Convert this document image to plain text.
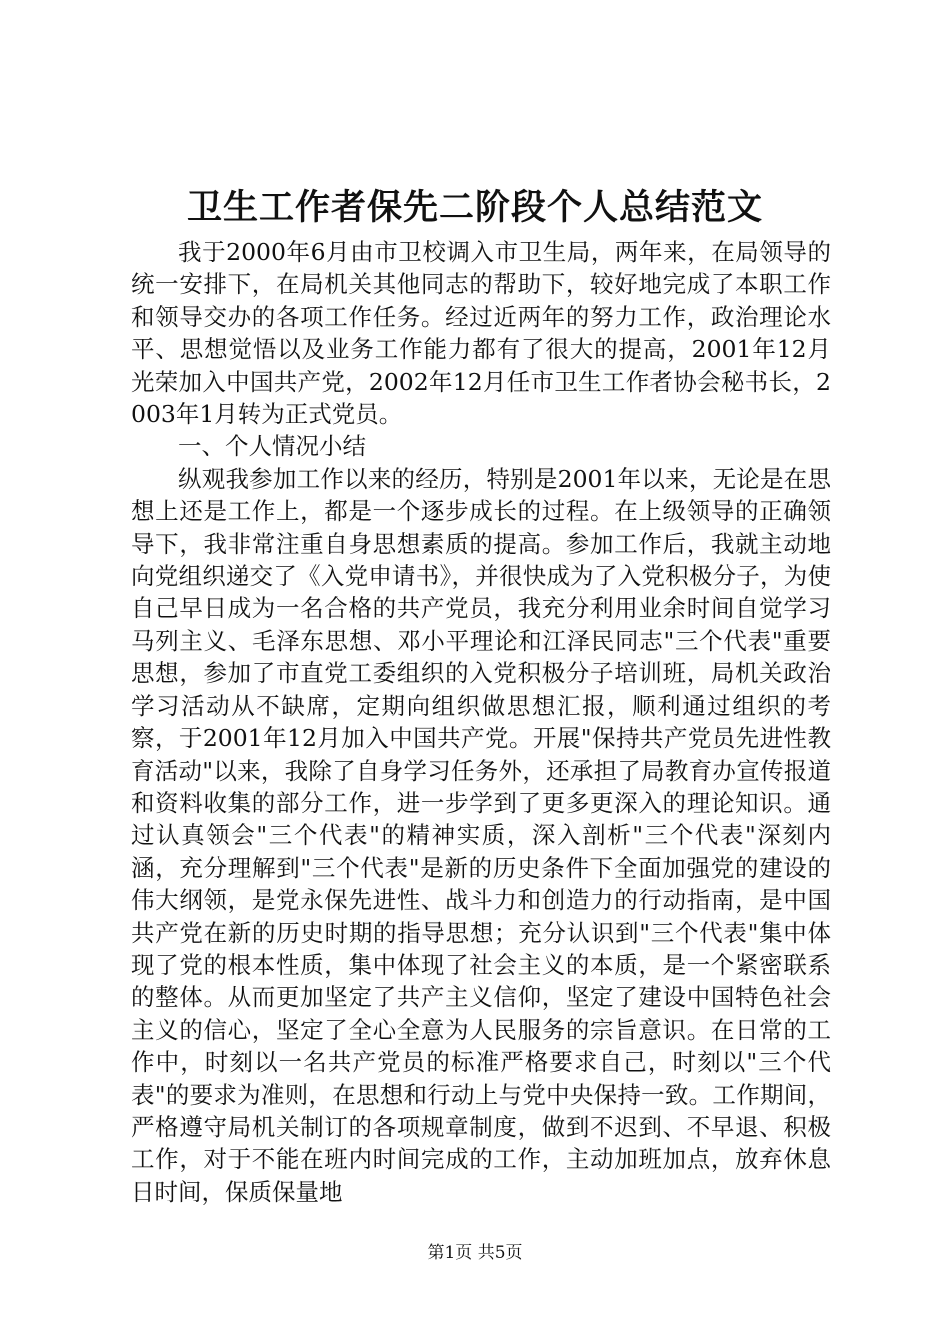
卫生工作者保先二阶段个人总结范文

我于2000年6月由市卫校调入市卫生局，两年来，在局领导的统一安排下，在局机关其他同志的帮助下，较好地完成了本职工作和领导交办的各项工作任务。经过近两年的努力工作，政治理论水平、思想觉悟以及业务工作能力都有了很大的提高，2001年12月光荣加入中国共产党，2002年12月任市卫生工作者协会秘书长，2003年1月转为正式党员。

一、个人情况小结

纵观我参加工作以来的经历，特别是2001年以来，无论是在思想上还是工作上，都是一个逐步成长的过程。在上级领导的正确领导下，我非常注重自身思想素质的提高。参加工作后，我就主动地向党组织递交了《入党申请书》，并很快成为了入党积极分子，为使自己早日成为一名合格的共产党员，我充分利用业余时间自觉学习马列主义、毛泽东思想、邓小平理论和江泽民同志"三个代表"重要思想，参加了市直党工委组织的入党积极分子培训班，局机关政治学习活动从不缺席，定期向组织做思想汇报，顺利通过组织的考察，于2001年12月加入中国共产党。开展"保持共产党员先进性教育活动"以来，我除了自身学习任务外，还承担了局教育办宣传报道和资料收集的部分工作，进一步学到了更多更深入的理论知识。通过认真领会"三个代表"的精神实质，深入剖析"三个代表"深刻内涵，充分理解到"三个代表"是新的历史条件下全面加强党的建设的伟大纲领，是党永保先进性、战斗力和创造力的行动指南，是中国共产党在新的历史时期的指导思想；充分认识到"三个代表"集中体现了党的根本性质，集中体现了社会主义的本质，是一个紧密联系的整体。从而更加坚定了共产主义信仰，坚定了建设中国特色社会主义的信心，坚定了全心全意为人民服务的宗旨意识。在日常的工作中，时刻以一名共产党员的标准严格要求自己，时刻以"三个代表"的要求为准则，在思想和行动上与党中央保持一致。工作期间，严格遵守局机关制订的各项规章制度，做到不迟到、不早退、积极工作，对于不能在班内时间完成的工作，主动加班加点，放弃休息日时间，保质保量地

第1页 共5页
